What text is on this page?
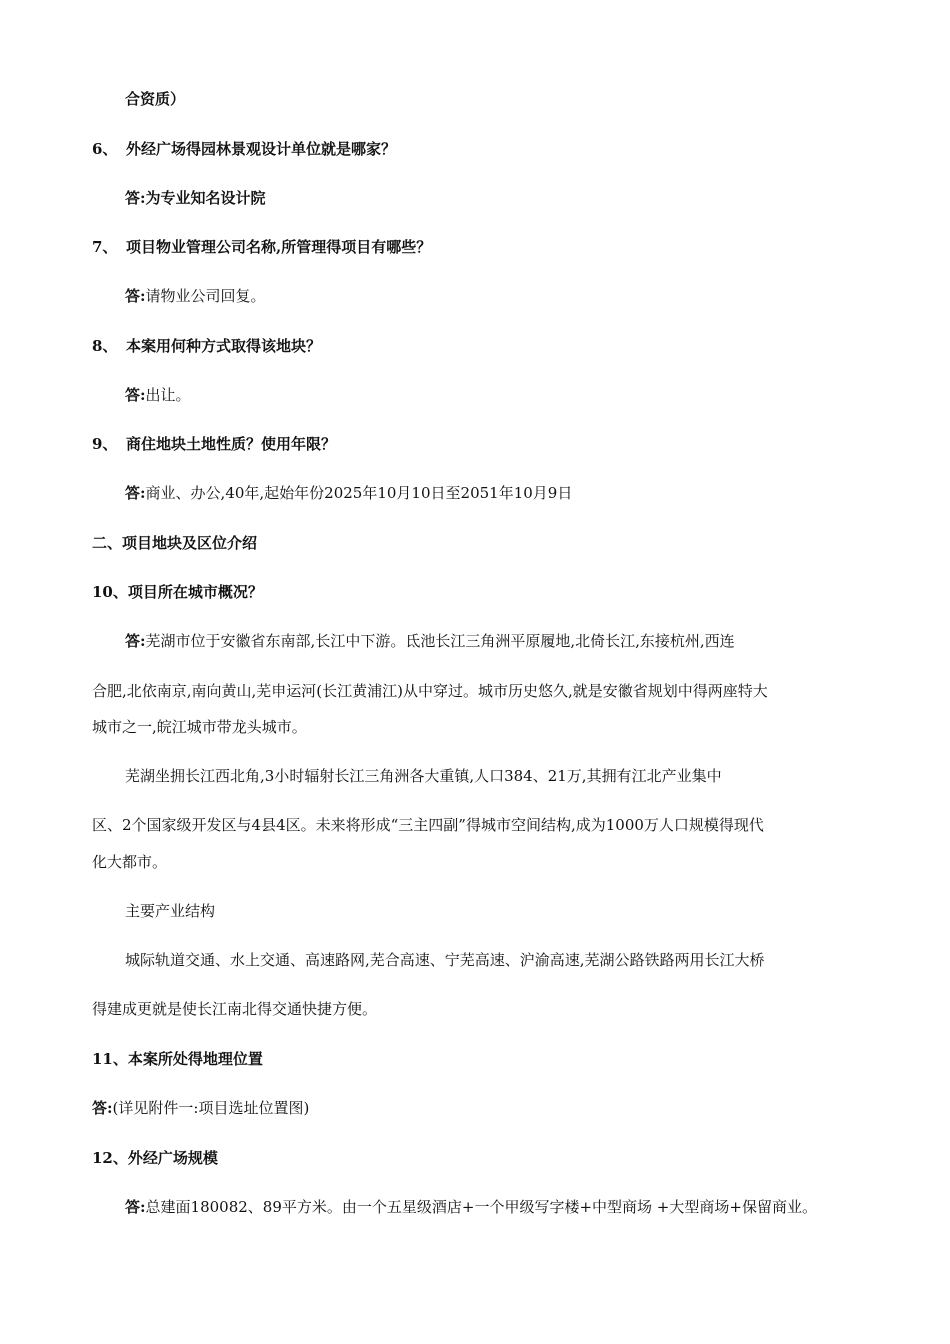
合资质）
6、 外经广场得园林景观设计单位就是哪家？
答:为专业知名设计院
7、 项目物业管理公司名称,所管理得项目有哪些？
答:请物业公司回复。
8、 本案用何种方式取得该地块？
答:出让。
9、 商住地块土地性质？使用年限？
答:商业、办公,40年,起始年份2025年10月10日至2051年10月9日
二、项目地块及区位介绍
10、项目所在城市概况？
答:芜湖市位于安徽省东南部,长江中下游。氐池长江三角洲平原履地,北倚长江,东接杭州,西连
合肥,北依南京,南向黄山,芜申运河(长江黄浦江)从中穿过。城市历史悠久,就是安徽省规划中得两座特大
城市之一,皖江城市带龙头城市。
芜湖坐拥长江西北角,3小时辐射长江三角洲各大重镇,人口384、21万,其拥有江北产业集中
区、2个国家级开发区与4县4区。未来将形成“三主四副”得城市空间结构,成为1000万人口规模得现代
化大都市。
主要产业结构
城际轨道交通、水上交通、高速路网,芜合高速、宁芜高速、沪渝高速,芜湖公路铁路两用长江大桥
得建成更就是使长江南北得交通快捷方便。
11、本案所处得地理位置
答:(详见附件一:项目选址位置图)
12、外经广场规模
答:总建面180082、89平方米。由一个五星级酒店+一个甲级写字楼+中型商场 +大型商场+保留商业。
